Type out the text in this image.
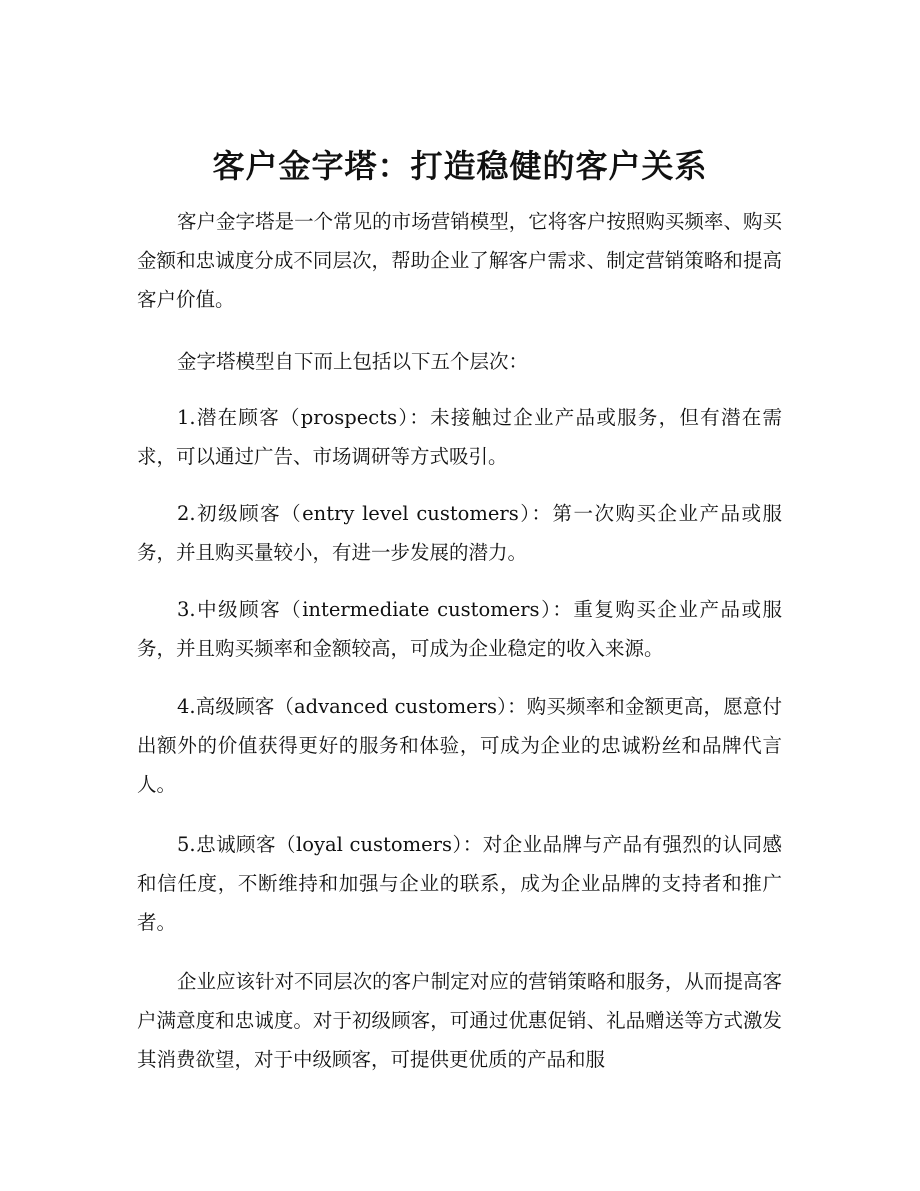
客户金字塔：打造稳健的客户关系

客户金字塔是一个常见的市场营销模型，它将客户按照购买频率、购买金额和忠诚度分成不同层次，帮助企业了解客户需求、制定营销策略和提高客户价值。

金字塔模型自下而上包括以下五个层次：

1.潜在顾客（prospects）：未接触过企业产品或服务，但有潜在需求，可以通过广告、市场调研等方式吸引。

2.初级顾客（entry level customers）：第一次购买企业产品或服务，并且购买量较小，有进一步发展的潜力。

3.中级顾客（intermediate customers）：重复购买企业产品或服务，并且购买频率和金额较高，可成为企业稳定的收入来源。

4.高级顾客（advanced customers）：购买频率和金额更高，愿意付出额外的价值获得更好的服务和体验，可成为企业的忠诚粉丝和品牌代言人。

5.忠诚顾客（loyal customers）：对企业品牌与产品有强烈的认同感和信任度，不断维持和加强与企业的联系，成为企业品牌的支持者和推广者。

企业应该针对不同层次的客户制定对应的营销策略和服务，从而提高客户满意度和忠诚度。对于初级顾客，可通过优惠促销、礼品赠送等方式激发其消费欲望，对于中级顾客，可提供更优质的产品和服
